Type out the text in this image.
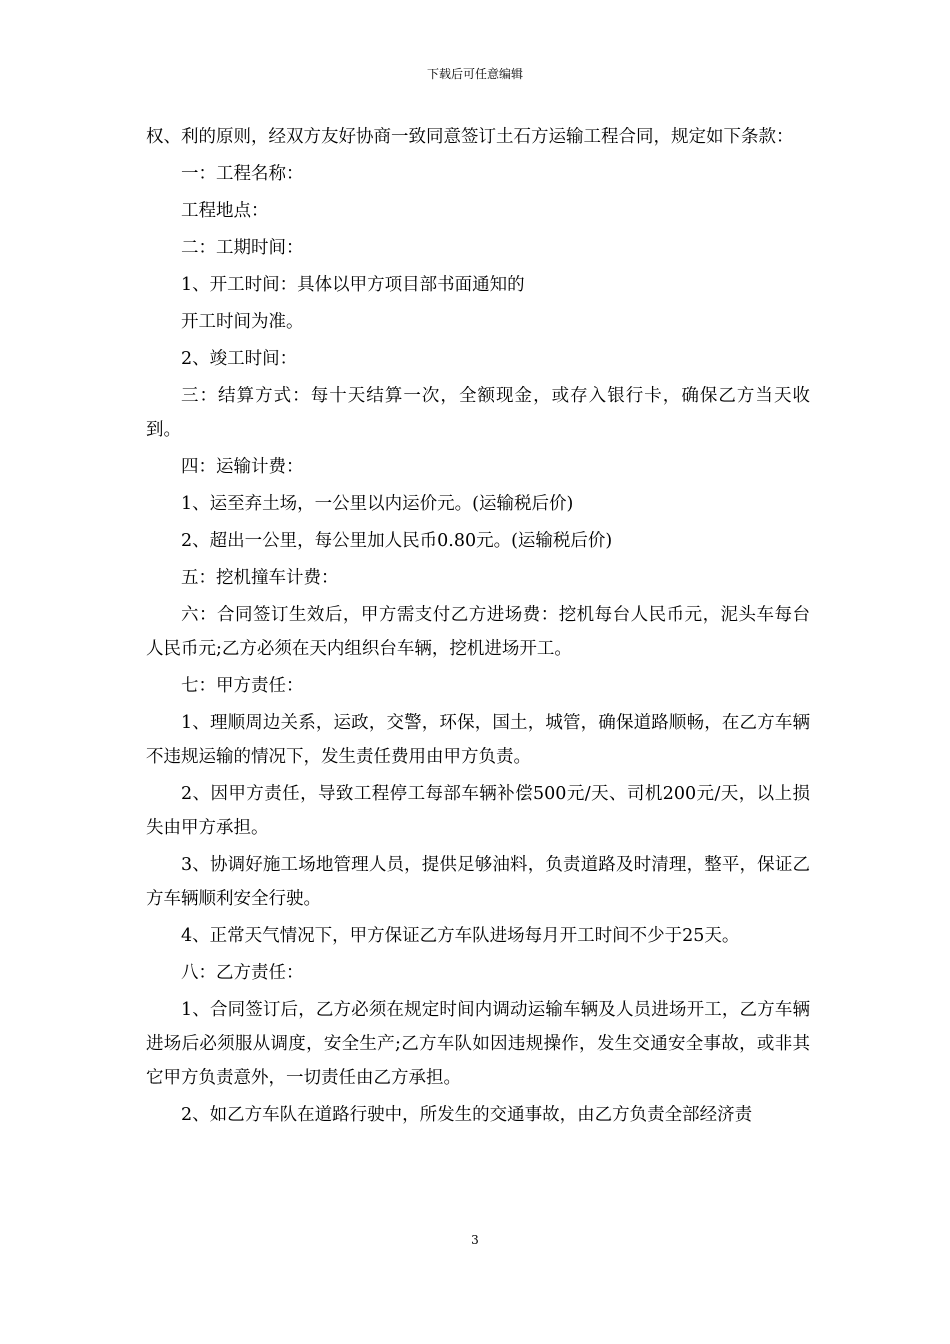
下载后可任意编辑

权、利的原则，经双方友好协商一致同意签订土石方运输工程合同，规定如下条款：

一：工程名称：

工程地点：

二：工期时间：

1、开工时间：具体以甲方项目部书面通知的

开工时间为准。

2、竣工时间：

三：结算方式：每十天结算一次，全额现金，或存入银行卡，确保乙方当天收到。

四：运输计费：

1、运至弃土场，一公里以内运价元。(运输税后价)

2、超出一公里，每公里加人民币0.80元。(运输税后价)

五：挖机撞车计费：

六：合同签订生效后，甲方需支付乙方进场费：挖机每台人民币元，泥头车每台人民币元;乙方必须在天内组织台车辆，挖机进场开工。

七：甲方责任：

1、理顺周边关系，运政，交警，环保，国土，城管，确保道路顺畅，在乙方车辆不违规运输的情况下，发生责任费用由甲方负责。

2、因甲方责任，导致工程停工每部车辆补偿500元/天、司机200元/天，以上损失由甲方承担。

3、协调好施工场地管理人员，提供足够油料，负责道路及时清理，整平，保证乙方车辆顺利安全行驶。

4、正常天气情况下，甲方保证乙方车队进场每月开工时间不少于25天。

八：乙方责任：

1、合同签订后，乙方必须在规定时间内调动运输车辆及人员进场开工，乙方车辆进场后必须服从调度，安全生产;乙方车队如因违规操作，发生交通安全事故，或非其它甲方负责意外，一切责任由乙方承担。

2、如乙方车队在道路行驶中，所发生的交通事故，由乙方负责全部经济责

3
